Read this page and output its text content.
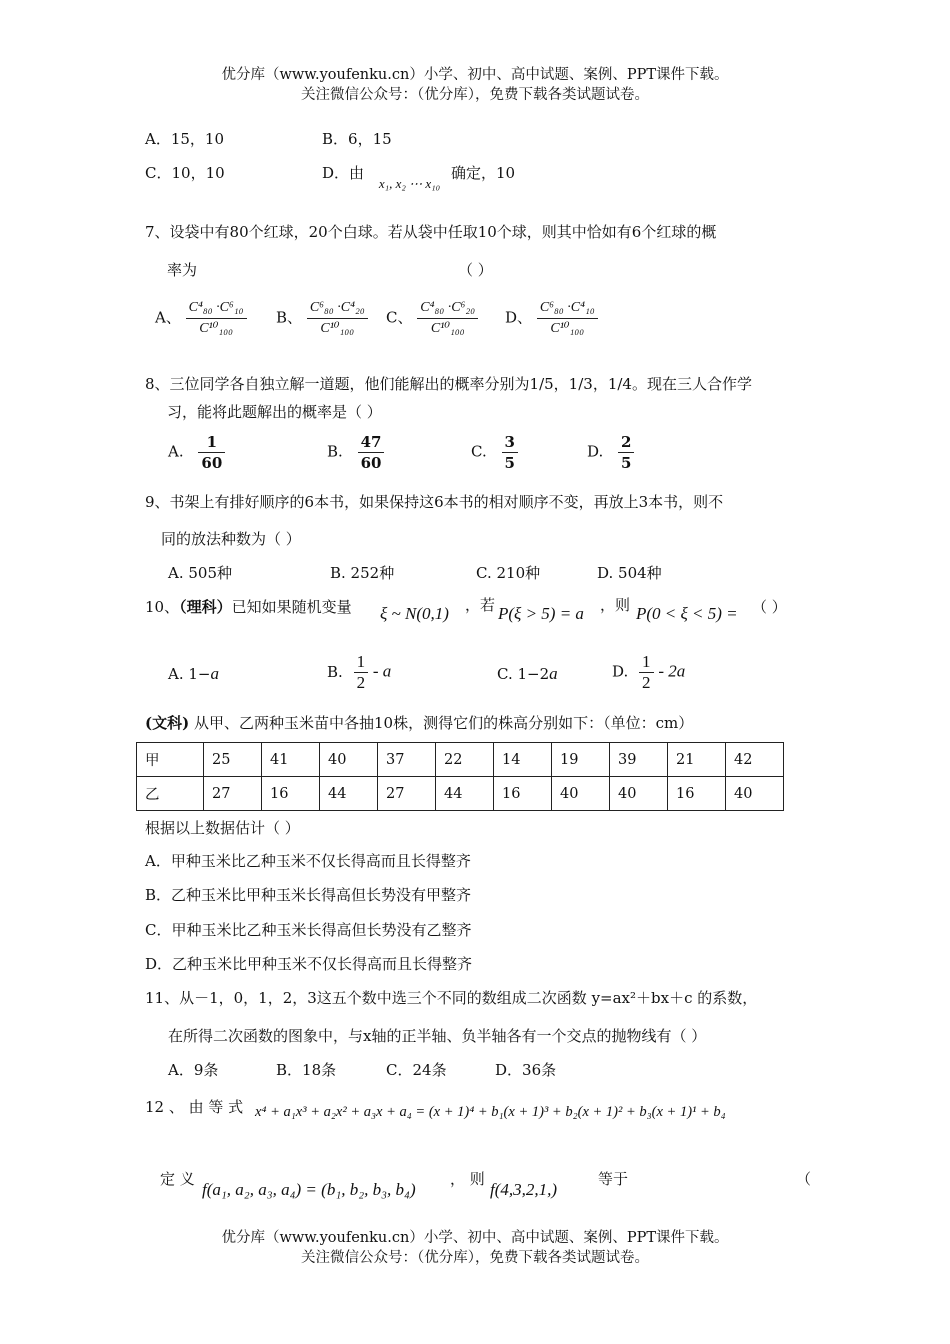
优分库（www.youfenku.cn）小学、初中、高中试题、案例、PPT课件下载。
关注微信公众号：（优分库），免费下载各类试题试卷。
A．15，10	B．6，15
C．10，10	D．由 x₁, x₂ ⋯ x₁₀ 确定，10
7、设袋中有80个红球，20个白球。若从袋中任取10个球，则其中恰如有6个红球的概
率为	（ ）
A、 $\frac{\text{C⁴₈₀ ·C⁶₁₀}}{\text{C¹⁰₁₀₀}}$ B、 $\frac{\text{C⁶₈₀ ·C⁴₂₀}}{\text{C¹⁰₁₀₀}}$ C、 $\frac{\text{C⁴₈₀ ·C⁶₂₀}}{\text{C¹⁰₁₀₀}}$ D、 $\frac{\text{C⁶₈₀ ·C⁴₁₀}}{\text{C¹⁰₁₀₀}}$
8、三位同学各自独立解一道题，他们能解出的概率分别为1/5，1/3，1/4。现在三人合作学
习，能将此题解出的概率是（ ）
A. $\frac{1}{60}$	B. $\frac{47}{60}$	C. $\frac{3}{5}$	D. $\frac{2}{5}$
9、书架上有排好顺序的6本书，如果保持这6本书的相对顺序不变，再放上3本书，则不
同的放法种数为（ ）
A. 505种	B. 252种	C. 210种	D. 504种
10、（理科）已知如果随机变量 ξ ~ N(0,1) ，若 P(ξ > 5) = a ，则 P(0 < ξ < 5) = （ ）
A. 1−a	B. $\frac{1}{2}$ - a	C. 1−2a	D. $\frac{1}{2} - 2a$
(文科) 从甲、乙两种玉米苗中各抽10株，测得它们的株高分别如下：（单位：cm）
甲	25	41	40	37	22	14	19	39	21	42
乙	27	16	44	27	44	16	40	40	16	40
根据以上数据估计（ ）
A．甲种玉米比乙种玉米不仅长得高而且长得整齐
B．乙种玉米比甲种玉米长得高但长势没有甲整齐
C．甲种玉米比乙种玉米长得高但长势没有乙整齐
D．乙种玉米比甲种玉米不仅长得高而且长得整齐
11、从－1，0，1，2，3这五个数中选三个不同的数组成二次函数 y=ax²＋bx＋c 的系数，
在所得二次函数的图象中，与x轴的正半轴、负半轴各有一个交点的抛物线有（ ）
A．9条	B．18条	C．24条	D．36条
12 、 由 等 式 x⁴ + a₁x³ + a₂x² + a₃x + a₄ = (x + 1)⁴ + b₁(x + 1)³ + b₂(x + 1)² + b₃(x + 1)¹ + b₄
定 义
f(a₁, a₂, a₃, a₄) = (b₁, b₂, b₃, b₄)
， 则
f(4,3,2,1,)
等于	（
优分库（www.youfenku.cn）小学、初中、高中试题、案例、PPT课件下载。
关注微信公众号：（优分库），免费下载各类试题试卷。
